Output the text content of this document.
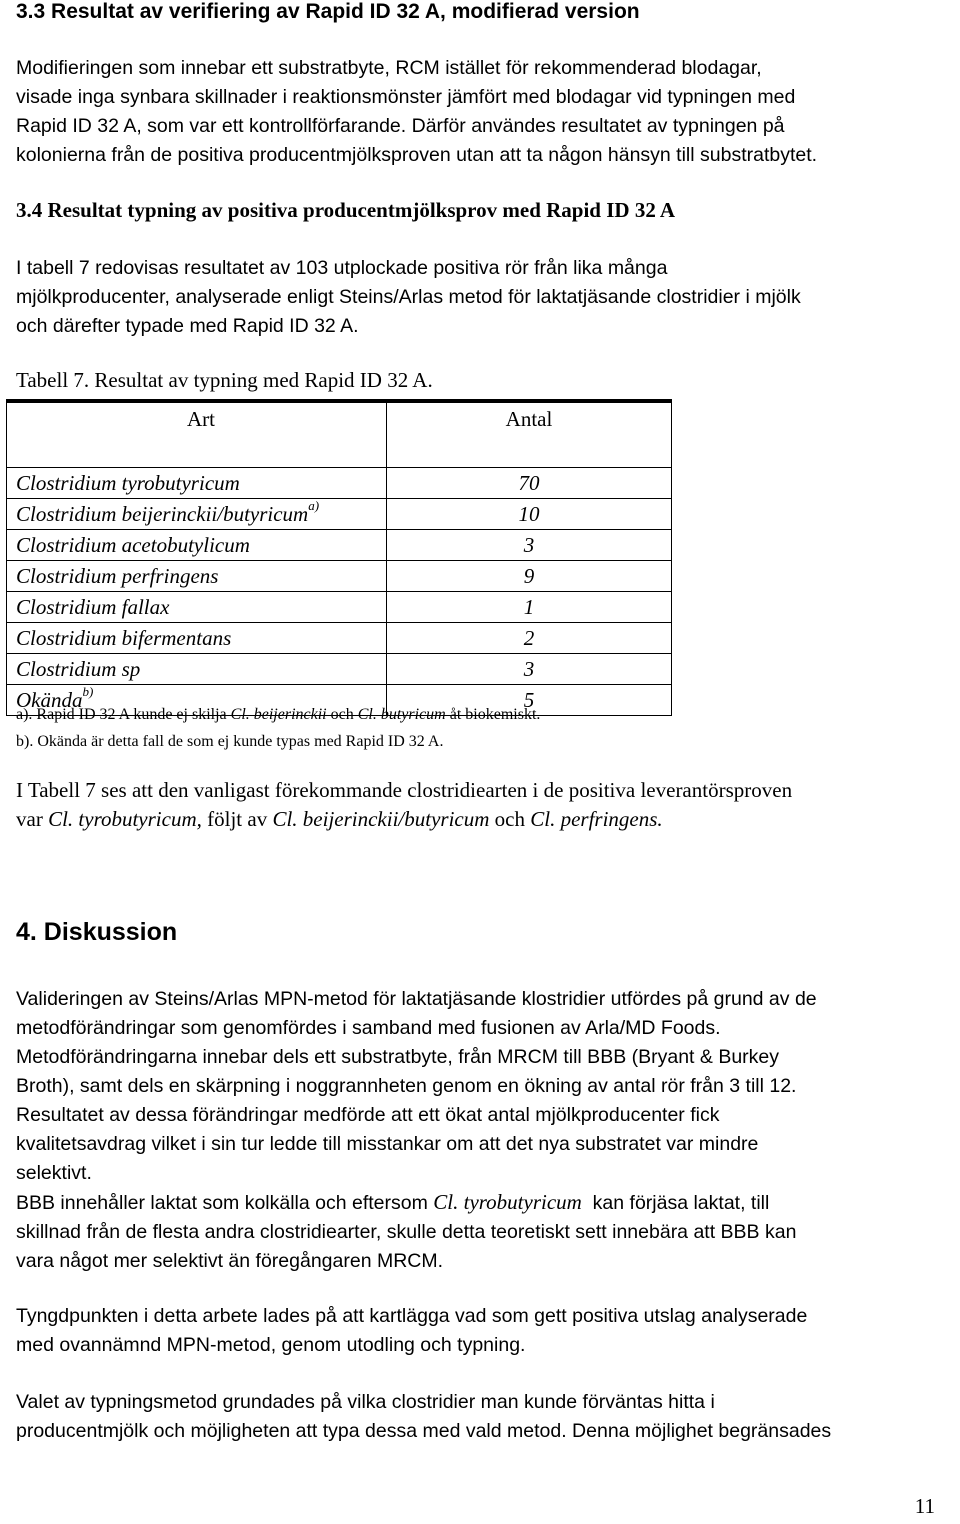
3.3 Resultat av verifiering av Rapid ID 32 A, modifierad version
Modifieringen som innebar ett substratbyte, RCM istället för rekommenderad blodagar,
visade inga synbara skillnader i reaktionsmönster jämfört med blodagar vid typningen med
Rapid ID 32 A, som var ett kontrollförfarande. Därför användes resultatet av typningen på
kolonierna från de positiva producentmjölksproven utan att ta någon hänsyn till substratbytet.
3.4 Resultat typning av positiva producentmjölksprov med Rapid ID 32 A
I tabell 7 redovisas resultatet av 103 utplockade positiva rör från lika många
mjölkproducenter, analyserade enligt Steins/Arlas metod för laktatjäsande clostridier i mjölk
och därefter typade med Rapid ID 32 A.
Tabell 7. Resultat av typning med Rapid ID 32 A.
Art	Antal
Clostridium tyrobutyricum	70
Clostridium beijerinckii/butyricum$^{a)}$	10
Clostridium acetobutylicum	3
Clostridium perfringens	9
Clostridium fallax	1
Clostridium bifermentans	2
Clostridium sp	3
Okända$^{b)}$	5
a). Rapid ID 32 A kunde ej skilja Cl. beijerinckii och Cl. butyricum åt biokemiskt.
b). Okända är detta fall de som ej kunde typas med Rapid ID 32 A.
I Tabell 7 ses att den vanligast förekommande clostridiearten i de positiva leverantörsproven
var Cl. tyrobutyricum, följt av Cl. beijerinckii/butyricum och Cl. perfringens.
4. Diskussion
Valideringen av Steins/Arlas MPN-metod för laktatjäsande klostridier utfördes på grund av de
metodförändringar som genomfördes i samband med fusionen av Arla/MD Foods.
Metodförändringarna innebar dels ett substratbyte, från MRCM till BBB (Bryant & Burkey
Broth), samt dels en skärpning i noggrannheten genom en ökning av antal rör från 3 till 12.
Resultatet av dessa förändringar medförde att ett ökat antal mjölkproducenter fick
kvalitetsavdrag vilket i sin tur ledde till misstankar om att det nya substratet var mindre
selektivt.
BBB innehåller laktat som kolkälla och eftersom Cl. tyrobutyricum  kan förjäsa laktat, till
skillnad från de flesta andra clostridiearter, skulle detta teoretiskt sett innebära att BBB kan
vara något mer selektivt än föregångaren MRCM.
Tyngdpunkten i detta arbete lades på att kartlägga vad som gett positiva utslag analyserade
med ovannämnd MPN-metod, genom utodling och typning.
Valet av typningsmetod grundades på vilka clostridier man kunde förväntas hitta i
producentmjölk och möjligheten att typa dessa med vald metod. Denna möjlighet begränsades
11
